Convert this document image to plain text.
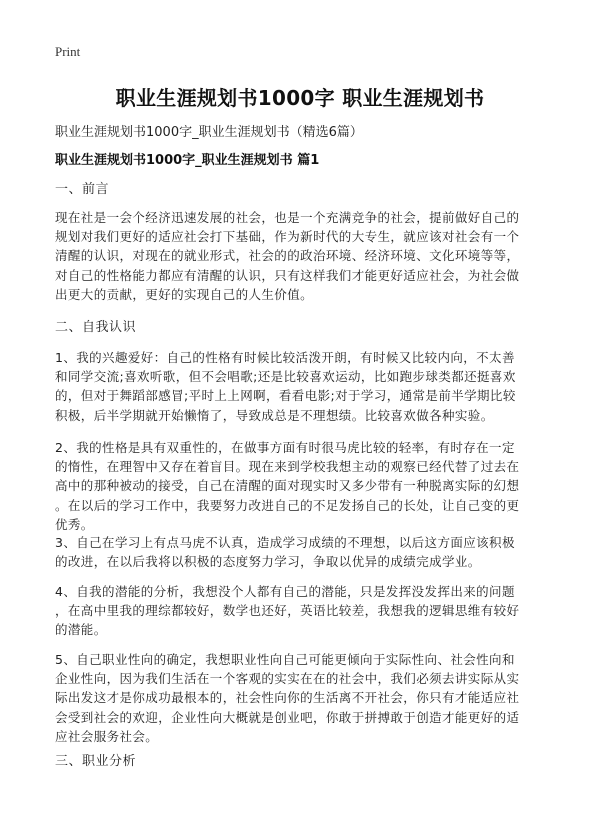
Print
职业生涯规划书1000字 职业生涯规划书
职业生涯规划书1000字_职业生涯规划书（精选6篇）
职业生涯规划书1000字_职业生涯规划书 篇1
一、前言
现在社是一会个经济迅速发展的社会，也是一个充满竞争的社会，提前做好自己的
规划对我们更好的适应社会打下基础，作为新时代的大专生，就应该对社会有一个
清醒的认识，对现在的就业形式，社会的的政治环境、经济环境、文化环境等等，
对自己的性格能力都应有清醒的认识，只有这样我们才能更好适应社会，为社会做
出更大的贡献，更好的实现自己的人生价值。
二、自我认识
1、我的兴趣爱好：自己的性格有时候比较活泼开朗，有时候又比较内向，不太善
和同学交流;喜欢听歌，但不会唱歌;还是比较喜欢运动，比如跑步球类都还挺喜欢
的，但对于舞蹈部感冒;平时上上网啊，看看电影;对于学习，通常是前半学期比较
积极，后半学期就开始懒惰了，导致成总是不理想绩。比较喜欢做各种实验。
2、我的性格是具有双重性的，在做事方面有时很马虎比较的轻率，有时存在一定
的惰性，在理智中又存在着盲目。现在来到学校我想主动的观察已经代替了过去在
高中的那种被动的接受，自己在清醒的面对现实时又多少带有一种脱离实际的幻想
。在以后的学习工作中，我要努力改进自己的不足发扬自己的长处，让自己变的更
优秀。
3、自己在学习上有点马虎不认真，造成学习成绩的不理想，以后这方面应该积极
的改进，在以后我将以积极的态度努力学习，争取以优异的成绩完成学业。
4、自我的潜能的分析，我想没个人都有自己的潜能，只是发挥没发挥出来的问题
，在高中里我的理综都较好，数学也还好，英语比较差，我想我的逻辑思维有较好
的潜能。
5、自己职业性向的确定，我想职业性向自己可能更倾向于实际性向、社会性向和
企业性向，因为我们生活在一个客观的实实在在的社会中，我们必须去讲实际从实
际出发这才是你成功最根本的，社会性向你的生活离不开社会，你只有才能适应社
会受到社会的欢迎，企业性向大概就是创业吧，你敢于拼搏敢于创造才能更好的适
应社会服务社会。
三、职业分析
